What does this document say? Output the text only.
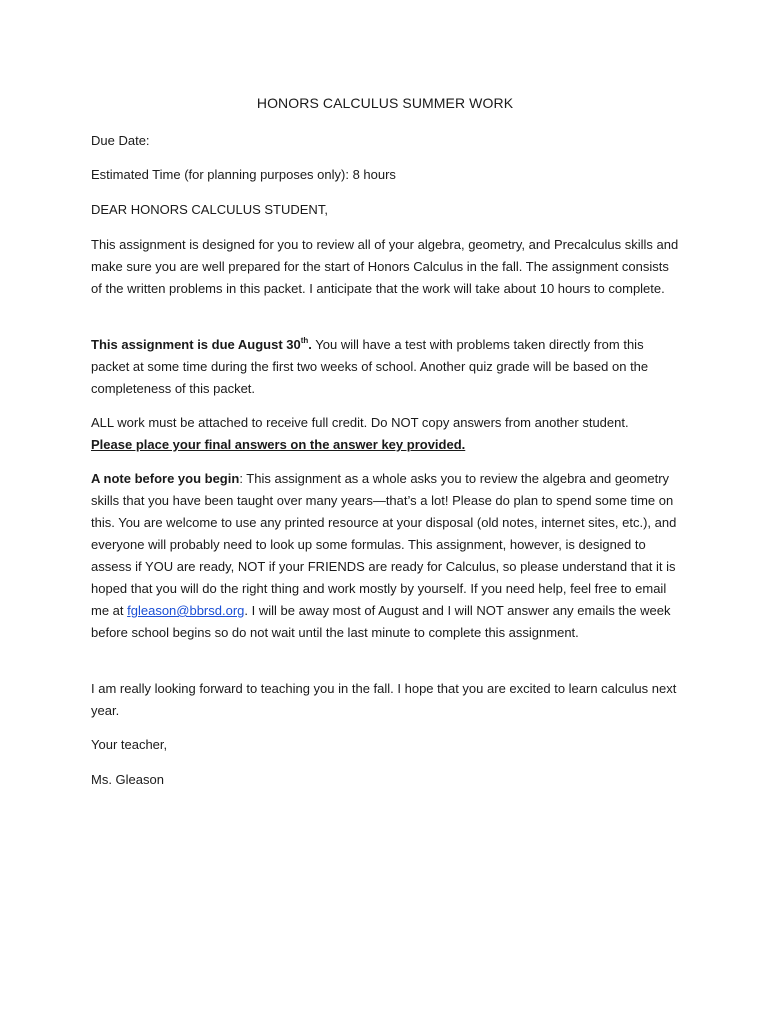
HONORS CALCULUS SUMMER WORK

Due Date:

Estimated Time (for planning purposes only): 8 hours

DEAR HONORS CALCULUS STUDENT,

This assignment is designed for you to review all of your algebra, geometry, and Precalculus skills and make sure you are well prepared for the start of Honors Calculus in the fall. The assignment consists of the written problems in this packet. I anticipate that the work will take about 10 hours to complete.

This assignment is due August 30th. You will have a test with problems taken directly from this packet at some time during the first two weeks of school. Another quiz grade will be based on the completeness of this packet.

ALL work must be attached to receive full credit. Do NOT copy answers from another student.
Please place your final answers on the answer key provided.

A note before you begin: This assignment as a whole asks you to review the algebra and geometry skills that you have been taught over many years—that’s a lot! Please do plan to spend some time on this. You are welcome to use any printed resource at your disposal (old notes, internet sites, etc.), and everyone will probably need to look up some formulas. This assignment, however, is designed to assess if YOU are ready, NOT if your FRIENDS are ready for Calculus, so please understand that it is hoped that you will do the right thing and work mostly by yourself. If you need help, feel free to email me at fgleason@bbrsd.org. I will be away most of August and I will NOT answer any emails the week before school begins so do not wait until the last minute to complete this assignment.

I am really looking forward to teaching you in the fall. I hope that you are excited to learn calculus next year.

Your teacher,

Ms. Gleason
